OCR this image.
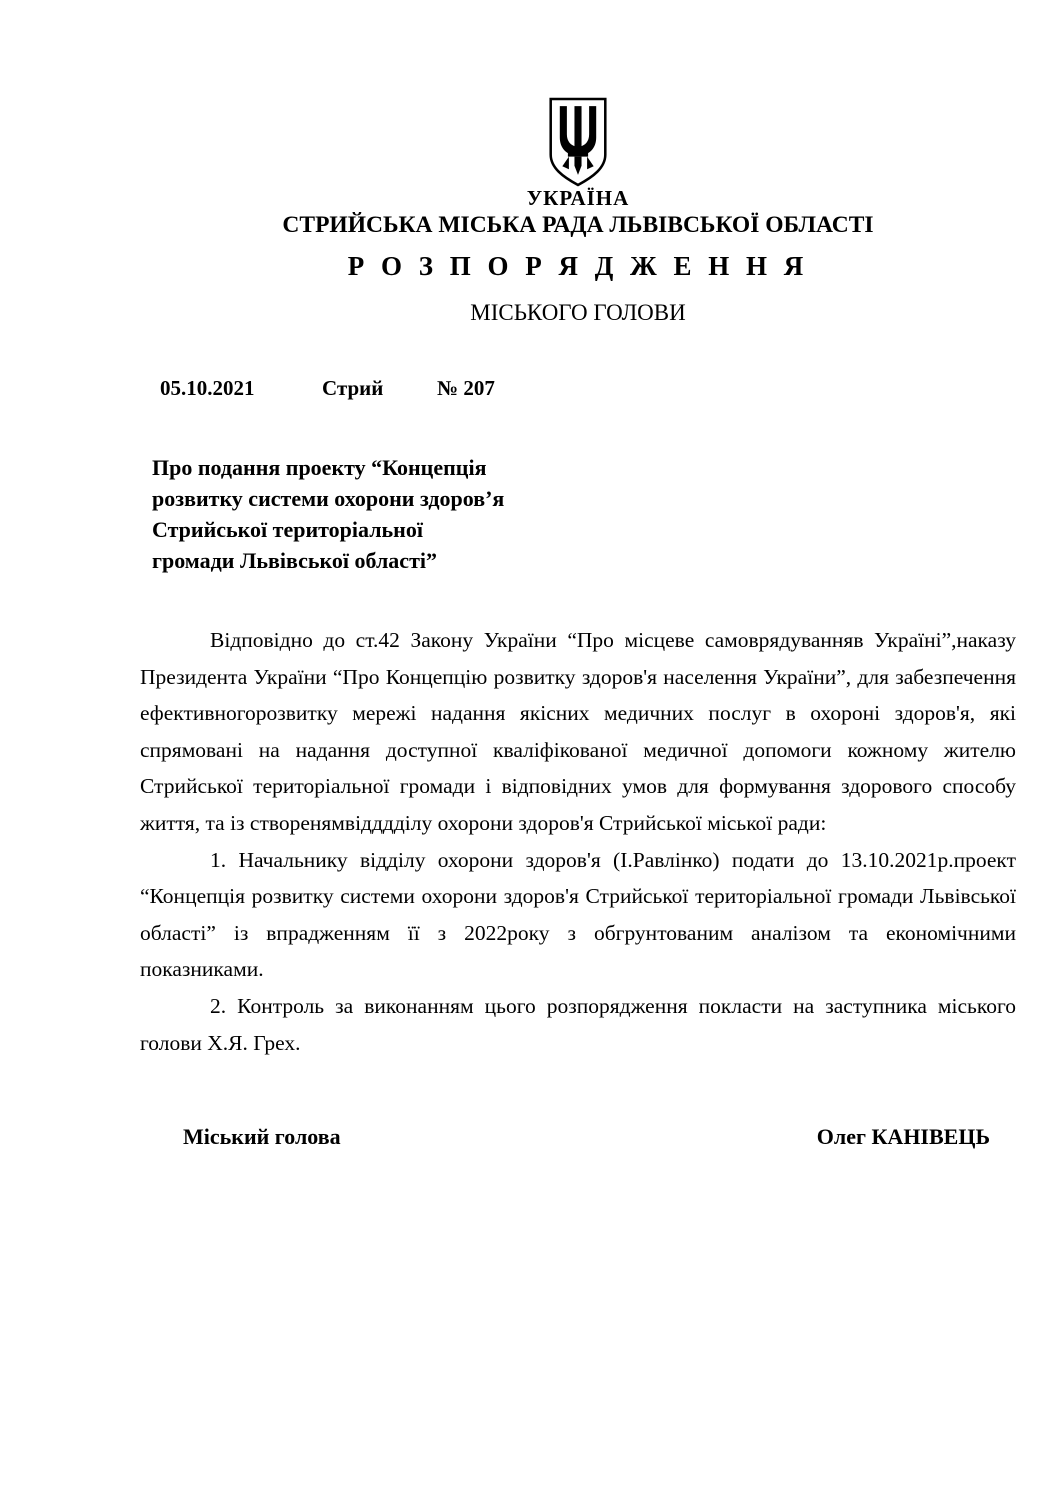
УКРАЇНА
СТРИЙСЬКА МІСЬКА РАДА ЛЬВІВСЬКОЇ ОБЛАСТІ
Р О З П О Р Я Д Ж Е Н Н Я
МІСЬКОГО ГОЛОВИ
05.10.2021	Стрий	№ 207
Про подання проекту “Концепція
розвитку системи охорони здоров’я
Стрийської територіальної
громади Львівської області”

Відповідно до ст.42 Закону України “Про місцеве самоврядуванняв Україні”,наказу Президента України “Про Концепцію розвитку здоров'я населення України”, для забезпечення ефективногорозвитку мережі надання якісних медичних послуг в охороні здоров'я, які спрямовані на надання доступної кваліфікованої медичної допомоги кожному жителю Стрийської територіальної громади і відповідних умов для формування здорового способу життя, та із створенямвідддділу охорони здоров'я Стрийської міської ради:

1. Начальнику відділу охорони здоров'я (І.Равлінко) подати до 13.10.2021р.проект “Концепція розвитку системи охорони здоров'я Стрийської територіальної громади Львівської області” із впрадженням її з 2022року з обгрунтованим аналізом та економічними показниками.

2. Контроль за виконанням цього розпорядження покласти на заступника міського голови Х.Я. Грех.

Міський голова	Олег КАНІВЕЦЬ
